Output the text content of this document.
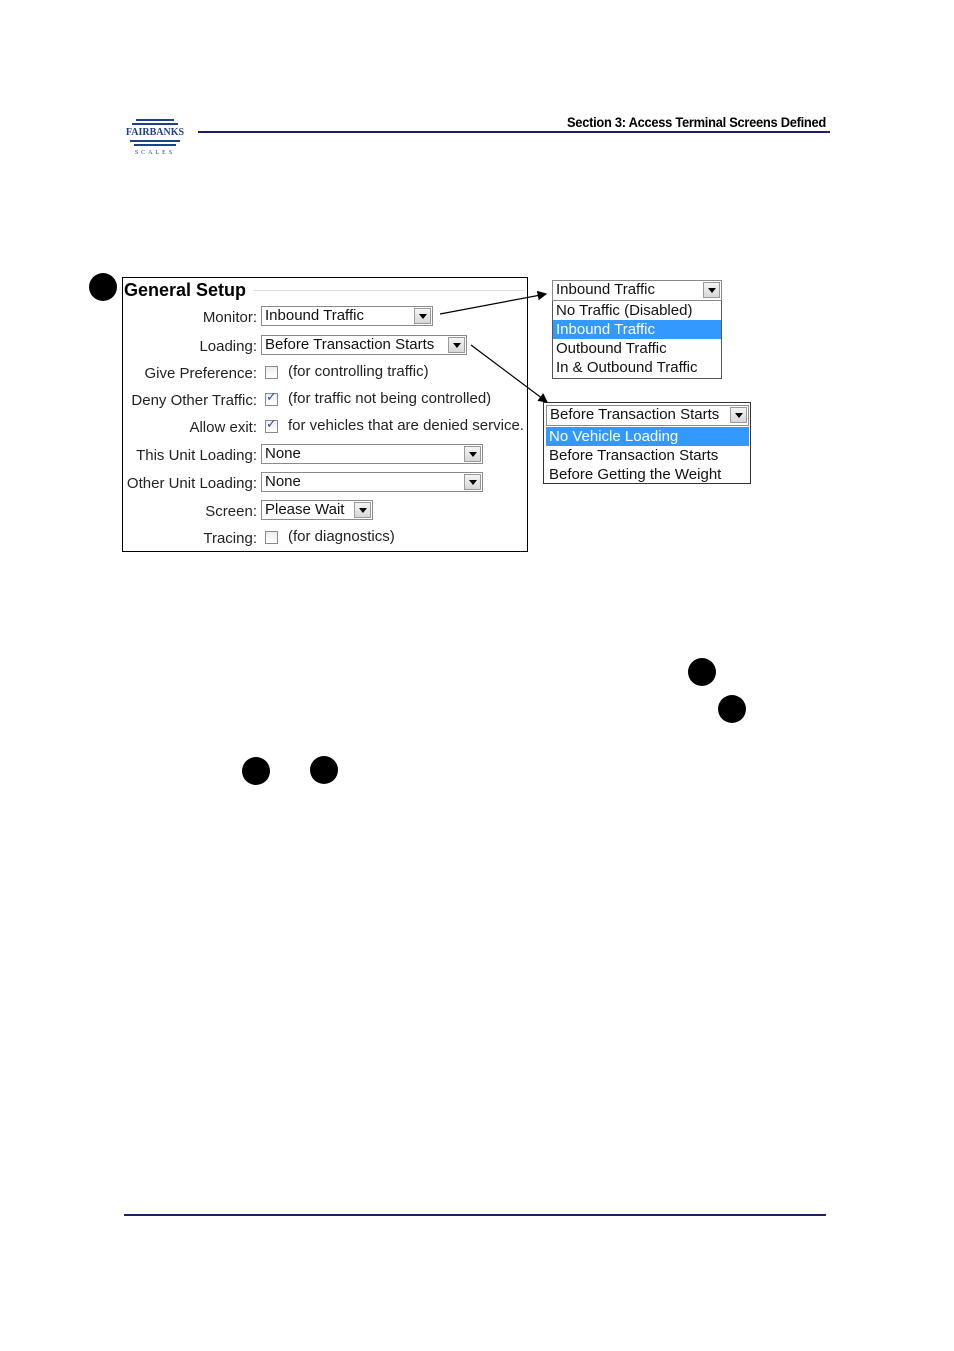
FAIRBANKS
SCALES
Section 3: Access Terminal Screens Defined
General Setup
Monitor: Inbound Traffic
Loading: Before Transaction Starts
Give Preference: (for controlling traffic)
Deny Other Traffic: ✓ (for traffic not being controlled)
Allow exit: ✓ for vehicles that are denied service.
This Unit Loading: None
Other Unit Loading: None
Screen: Please Wait
Tracing: (for diagnostics)
Inbound Traffic
No Traffic (Disabled)
Inbound Traffic
Outbound Traffic
In & Outbound Traffic
Before Transaction Starts
No Vehicle Loading
Before Transaction Starts
Before Getting the Weight
